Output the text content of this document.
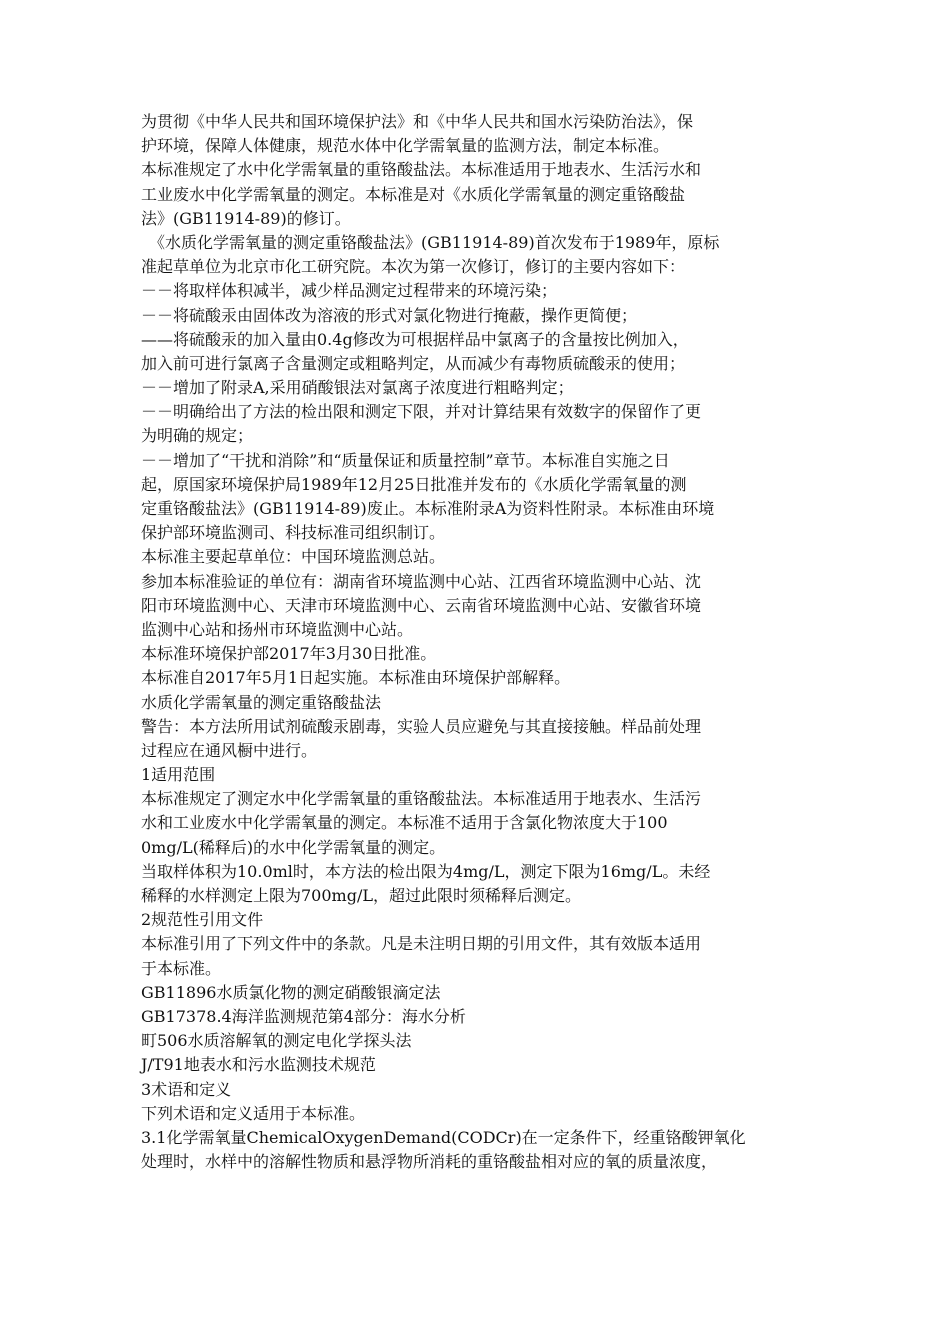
为贯彻《中华人民共和国环境保护法》和《中华人民共和国水污染防治法》，保
护环境，保障人体健康，规范水体中化学需氧量的监测方法，制定本标准。
本标准规定了水中化学需氧量的重铬酸盐法。本标准适用于地表水、生活污水和
工业废水中化学需氧量的测定。本标准是对《水质化学需氧量的测定重铬酸盐
法》(GB11914-89)的修订。
　《水质化学需氧量的测定重铬酸盐法》(GB11914-89)首次发布于1989年，原标
准起草单位为北京市化工研究院。本次为第一次修订，修订的主要内容如下：
－－将取样体积减半，减少样品测定过程带来的环境污染；
－－将硫酸汞由固体改为溶液的形式对氯化物进行掩蔽，操作更简便；
——将硫酸汞的加入量由0.4g修改为可根据样品中氯离子的含量按比例加入，
加入前可进行氯离子含量测定或粗略判定，从而减少有毒物质硫酸汞的使用；
－－增加了附录A,采用硝酸银法对氯离子浓度进行粗略判定；
－－明确给出了方法的检出限和测定下限，并对计算结果有效数字的保留作了更
为明确的规定；
－－增加了“干扰和消除”和“质量保证和质量控制”章节。本标准自实施之日
起，原国家环境保护局1989年12月25日批准并发布的《水质化学需氧量的测
定重铬酸盐法》(GB11914-89)废止。本标准附录A为资料性附录。本标准由环境
保护部环境监测司、科技标准司组织制订。
本标准主要起草单位：中国环境监测总站。
参加本标准验证的单位有：湖南省环境监测中心站、江西省环境监测中心站、沈
阳市环境监测中心、天津市环境监测中心、云南省环境监测中心站、安徽省环境
监测中心站和扬州市环境监测中心站。
本标准环境保护部2017年3月30日批准。
本标准自2017年5月1日起实施。本标准由环境保护部解释。
水质化学需氧量的测定重铬酸盐法
警告：本方法所用试剂硫酸汞剧毒，实验人员应避免与其直接接触。样品前处理
过程应在通风橱中进行。
1适用范围
本标准规定了测定水中化学需氧量的重铬酸盐法。本标准适用于地表水、生活污
水和工业废水中化学需氧量的测定。本标准不适用于含氯化物浓度大于100
0mg/L(稀释后)的水中化学需氧量的测定。
当取样体积为10.0ml时，本方法的检出限为4mg/L，测定下限为16mg/L。未经
稀释的水样测定上限为700mg/L，超过此限时须稀释后测定。
2规范性引用文件
本标准引用了下列文件中的条款。凡是未注明日期的引用文件，其有效版本适用
于本标准。
GB11896水质氯化物的测定硝酸银滴定法
GB17378.4海洋监测规范第4部分：海水分析
町506水质溶解氧的测定电化学探头法
J/T91地表水和污水监测技术规范
3术语和定义
下列术语和定义适用于本标准。
3.1化学需氧量ChemicalOxygenDemand(CODCr)在一定条件下，经重铬酸钾氧化
处理时，水样中的溶解性物质和悬浮物所消耗的重铬酸盐相对应的氧的质量浓度，
